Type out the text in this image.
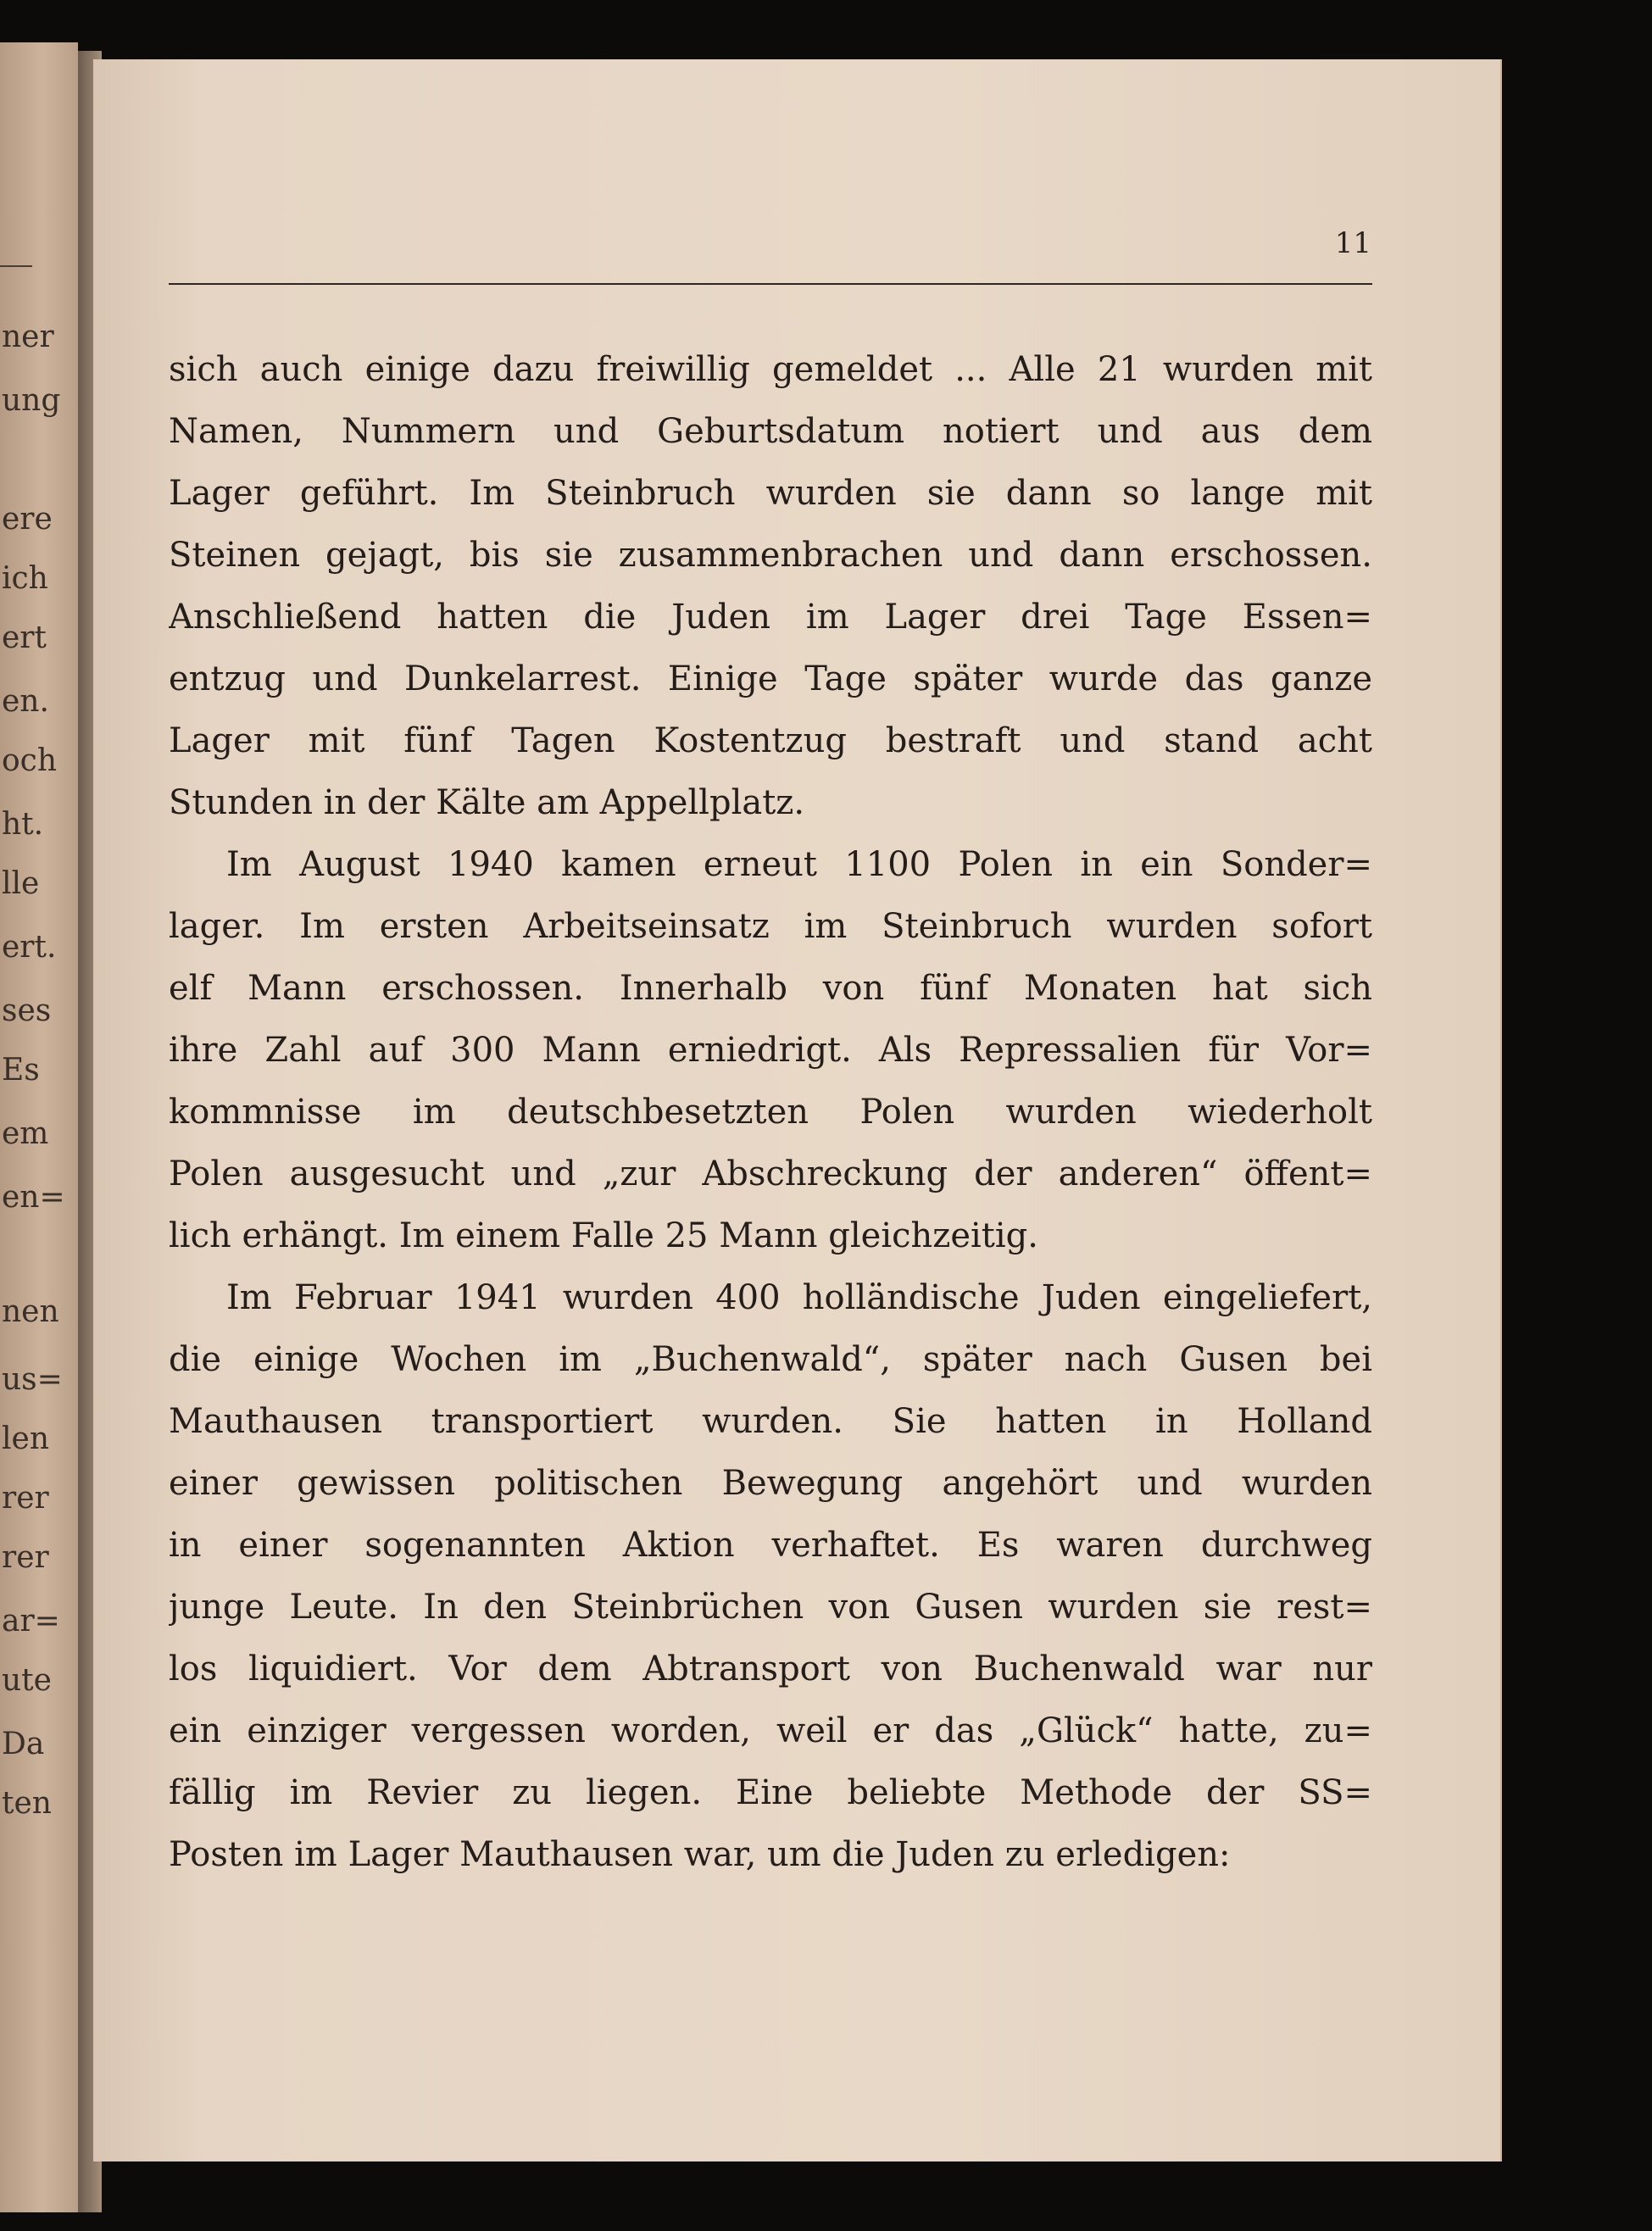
ner
ung
ere
ich
ert
en.
och
ht.
lle
ert.
ses
Es
em
en=
nen
us=
len
rer
rer
ar=
ute
Da
ten
11
sich auch einige dazu freiwillig gemeldet ... Alle 21 wurden mit
Namen, Nummern und Geburtsdatum notiert und aus dem
Lager geführt. Im Steinbruch wurden sie dann so lange mit
Steinen gejagt, bis sie zusammenbrachen und dann erschossen.
Anschließend hatten die Juden im Lager drei Tage Essen=
entzug und Dunkelarrest. Einige Tage später wurde das ganze
Lager mit fünf Tagen Kostentzug bestraft und stand acht
Stunden in der Kälte am Appellplatz.
Im August 1940 kamen erneut 1100 Polen in ein Sonder=
lager. Im ersten Arbeitseinsatz im Steinbruch wurden sofort
elf Mann erschossen. Innerhalb von fünf Monaten hat sich
ihre Zahl auf 300 Mann erniedrigt. Als Repressalien für Vor=
kommnisse im deutschbesetzten Polen wurden wiederholt
Polen ausgesucht und „zur Abschreckung der anderen“ öffent=
lich erhängt. Im einem Falle 25 Mann gleichzeitig.
Im Februar 1941 wurden 400 holländische Juden eingeliefert,
die einige Wochen im „Buchenwald“, später nach Gusen bei
Mauthausen transportiert wurden. Sie hatten in Holland
einer gewissen politischen Bewegung angehört und wurden
in einer sogenannten Aktion verhaftet. Es waren durchweg
junge Leute. In den Steinbrüchen von Gusen wurden sie rest=
los liquidiert. Vor dem Abtransport von Buchenwald war nur
ein einziger vergessen worden, weil er das „Glück“ hatte, zu=
fällig im Revier zu liegen. Eine beliebte Methode der SS=
Posten im Lager Mauthausen war, um die Juden zu erledigen:
